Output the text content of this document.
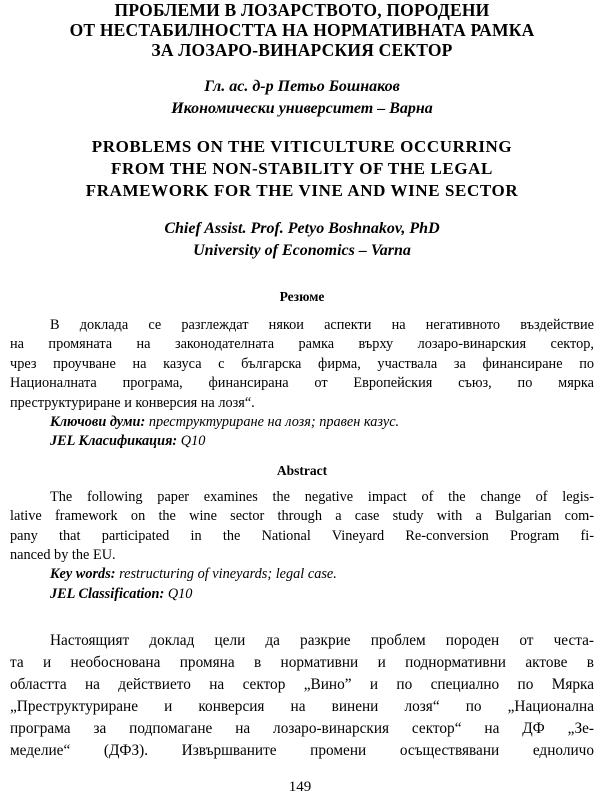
ПРОБЛЕМИ В ЛОЗАРСТВОТО, ПОРОДЕНИ
ОТ НЕСТАБИЛНОСТТА НА НОРМАТИВНАТА РАМКА
ЗА ЛОЗАРО-ВИНАРСКИЯ СЕКТОР
Гл. ас. д-р Петьо Бошнаков
Икономически университет – Варна
PROBLEMS ON THE VITICULTURE OCCURRING
FROM THE NON-STABILITY OF THE LEGAL
FRAMEWORK FOR THE VINE AND WINE SECTOR
Chief Assist. Prof. Petyo Boshnakov, PhD
University of Economics – Varna
Резюме
В доклада се разглеждат някои аспекти на негативното въздействие
на промяната на законодателната рамка върху лозаро-винарския сектор,
чрез проучване на казуса с българска фирма, участвала за финансиране по
Националната програма, финансирана от Европейския съюз, по мярка
преструктуриране и конверсия на лозя“.
Ключови думи: преструктуриране на лозя; правен казус.
JEL Класификация: Q10
Abstract
The following paper examines the negative impact of the change of legis-
lative framework on the wine sector through a case study with a Bulgarian com-
pany that participated in the National Vineyard Re-conversion Program fi-
nanced by the EU.
Key words: restructuring of vineyards; legal case.
JEL Classification: Q10
Настоящият доклад цели да разкрие проблем породен от честа-
та и необоснована промяна в нормативни и поднормативни актове в
областта на действието на сектор „Вино” и по специално по Мярка
„Преструктуриране и конверсия на винени лозя“ по „Национална
програма за подпомагане на лозаро-винарския сектор“ на ДФ „Зе-
меделие“ (ДФЗ). Извършваните промени осъществявани едноличо
149
